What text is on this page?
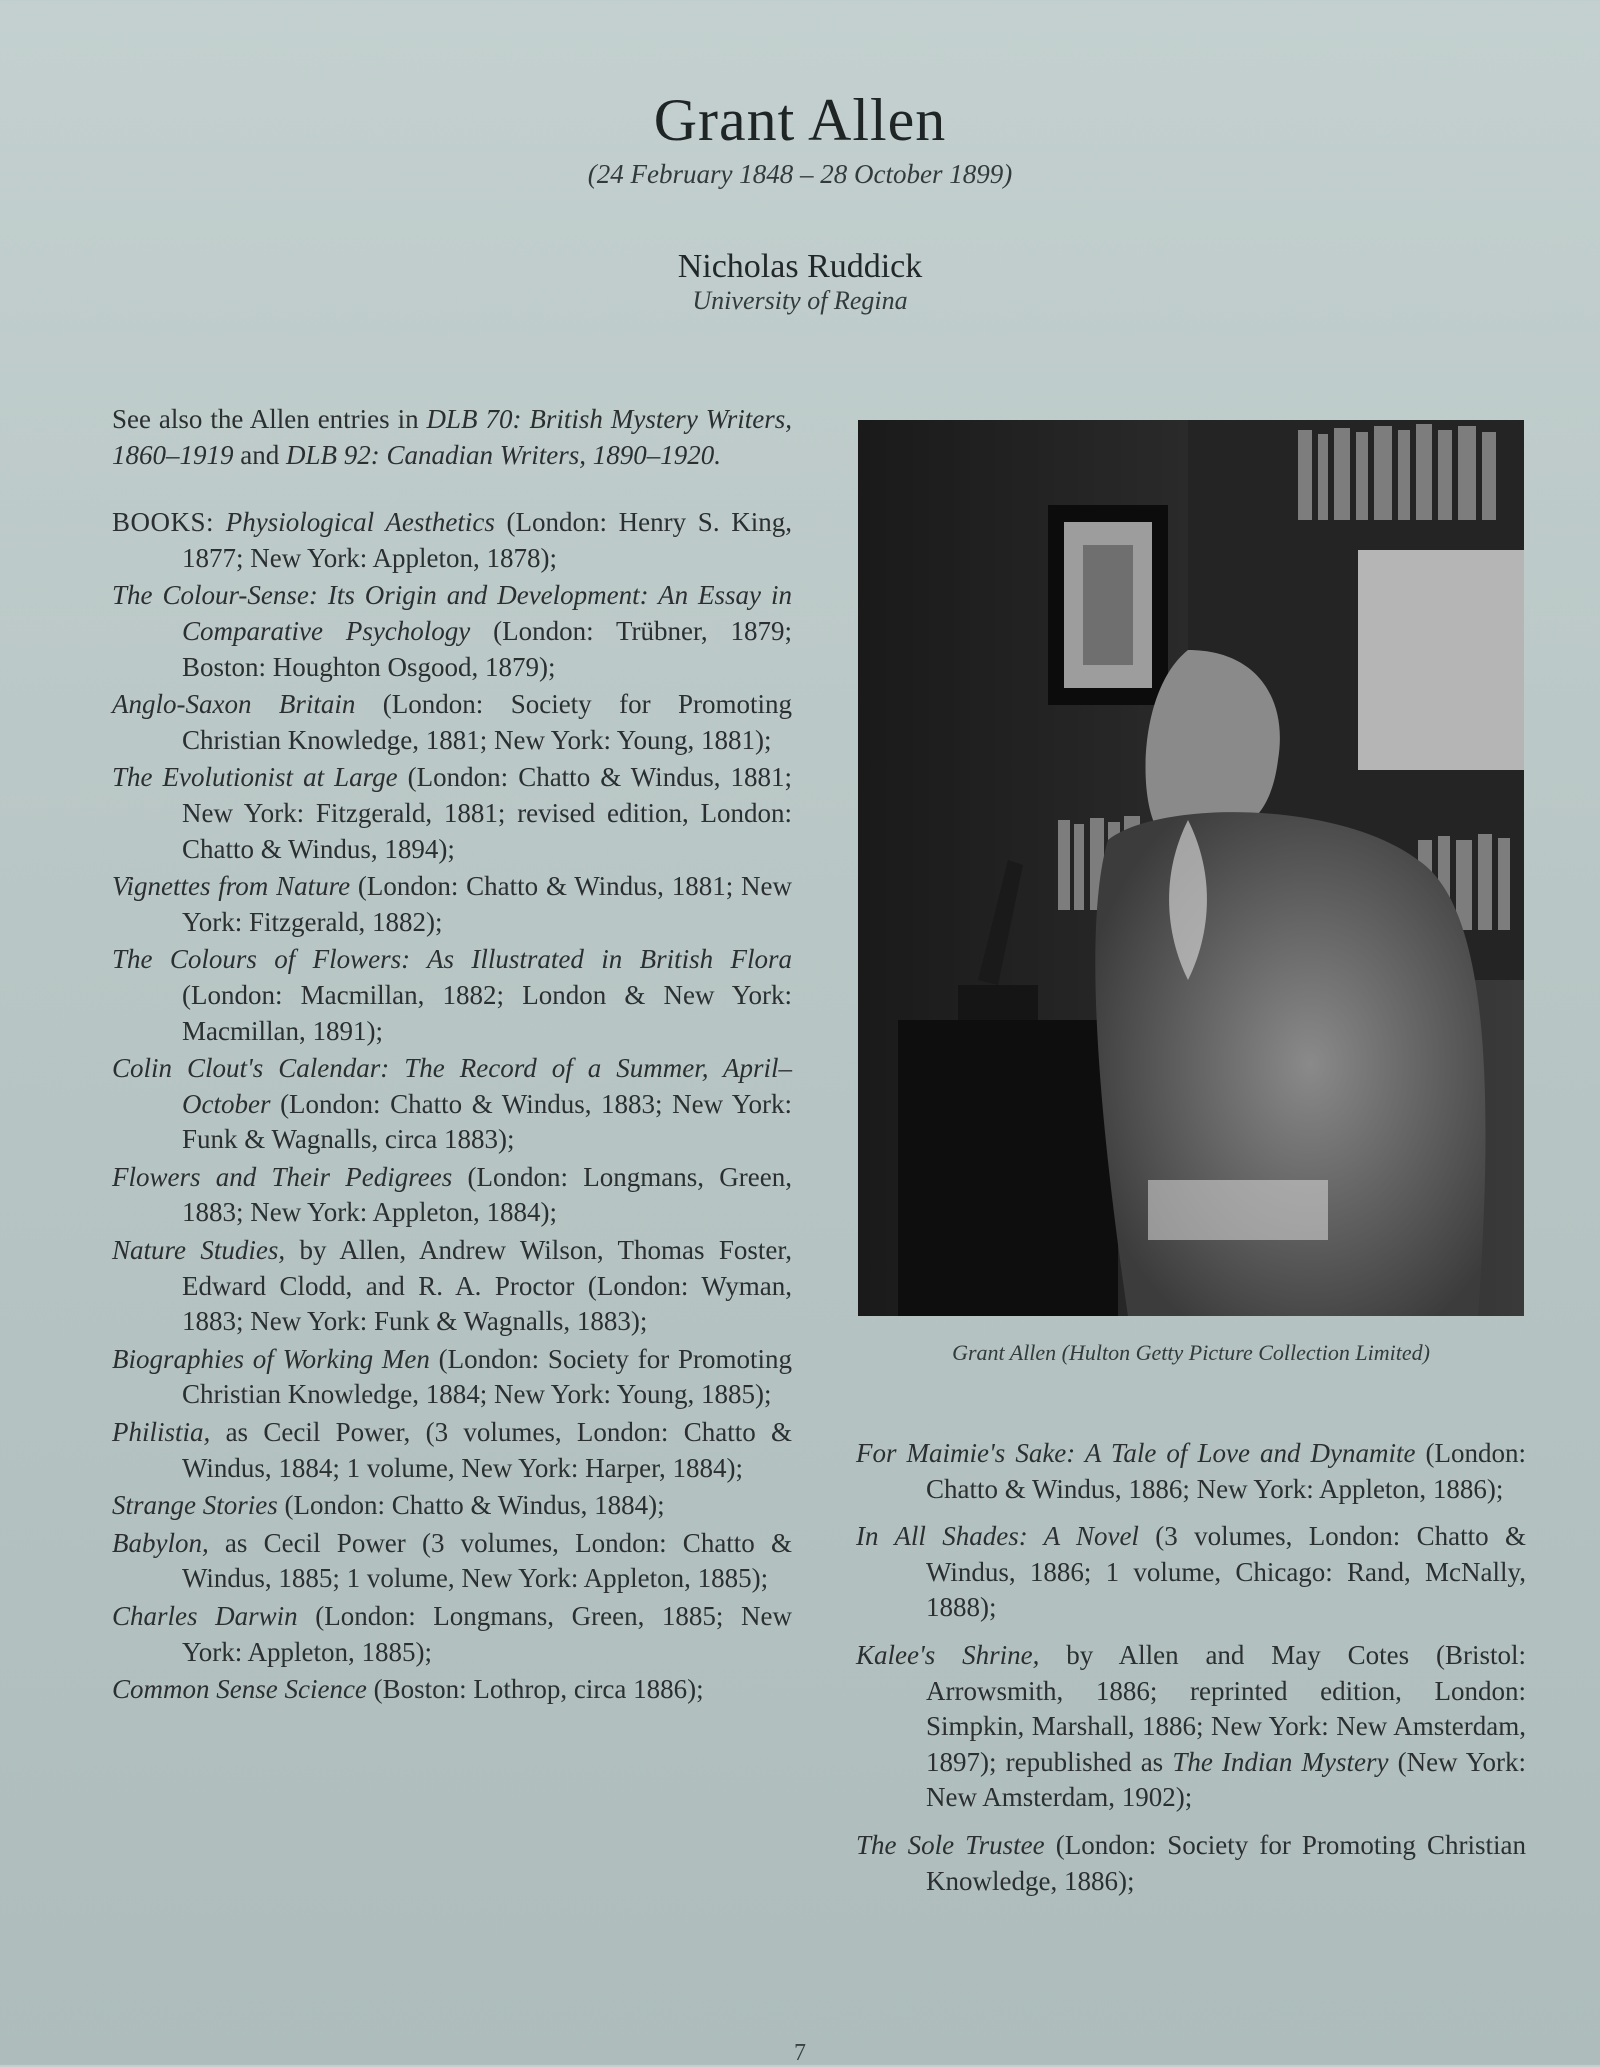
Grant Allen
(24 February 1848 – 28 October 1899)
Nicholas Ruddick
University of Regina

See also the Allen entries in DLB 70: British Mystery Writers, 1860–1919 and DLB 92: Canadian Writers, 1890–1920.

BOOKS: Physiological Aesthetics (London: Henry S. King, 1877; New York: Appleton, 1878);

The Colour-Sense: Its Origin and Development: An Essay in Comparative Psychology (London: Trübner, 1879; Boston: Houghton Osgood, 1879);

Anglo-Saxon Britain (London: Society for Promoting Christian Knowledge, 1881; New York: Young, 1881);

The Evolutionist at Large (London: Chatto & Windus, 1881; New York: Fitzgerald, 1881; revised edition, London: Chatto & Windus, 1894);

Vignettes from Nature (London: Chatto & Windus, 1881; New York: Fitzgerald, 1882);

The Colours of Flowers: As Illustrated in British Flora (London: Macmillan, 1882; London & New York: Macmillan, 1891);

Colin Clout's Calendar: The Record of a Summer, April–October (London: Chatto & Windus, 1883; New York: Funk & Wagnalls, circa 1883);

Flowers and Their Pedigrees (London: Longmans, Green, 1883; New York: Appleton, 1884);

Nature Studies, by Allen, Andrew Wilson, Thomas Foster, Edward Clodd, and R. A. Proctor (London: Wyman, 1883; New York: Funk & Wagnalls, 1883);

Biographies of Working Men (London: Society for Promoting Christian Knowledge, 1884; New York: Young, 1885);

Philistia, as Cecil Power, (3 volumes, London: Chatto & Windus, 1884; 1 volume, New York: Harper, 1884);

Strange Stories (London: Chatto & Windus, 1884);

Babylon, as Cecil Power (3 volumes, London: Chatto & Windus, 1885; 1 volume, New York: Appleton, 1885);

Charles Darwin (London: Longmans, Green, 1885; New York: Appleton, 1885);

Common Sense Science (Boston: Lothrop, circa 1886);

Grant Allen (Hulton Getty Picture Collection Limited)

For Maimie's Sake: A Tale of Love and Dynamite (London: Chatto & Windus, 1886; New York: Appleton, 1886);

In All Shades: A Novel (3 volumes, London: Chatto & Windus, 1886; 1 volume, Chicago: Rand, McNally, 1888);

Kalee's Shrine, by Allen and May Cotes (Bristol: Arrowsmith, 1886; reprinted edition, London: Simpkin, Marshall, 1886; New York: New Amsterdam, 1897); republished as The Indian Mystery (New York: New Amsterdam, 1902);

The Sole Trustee (London: Society for Promoting Christian Knowledge, 1886);

7
